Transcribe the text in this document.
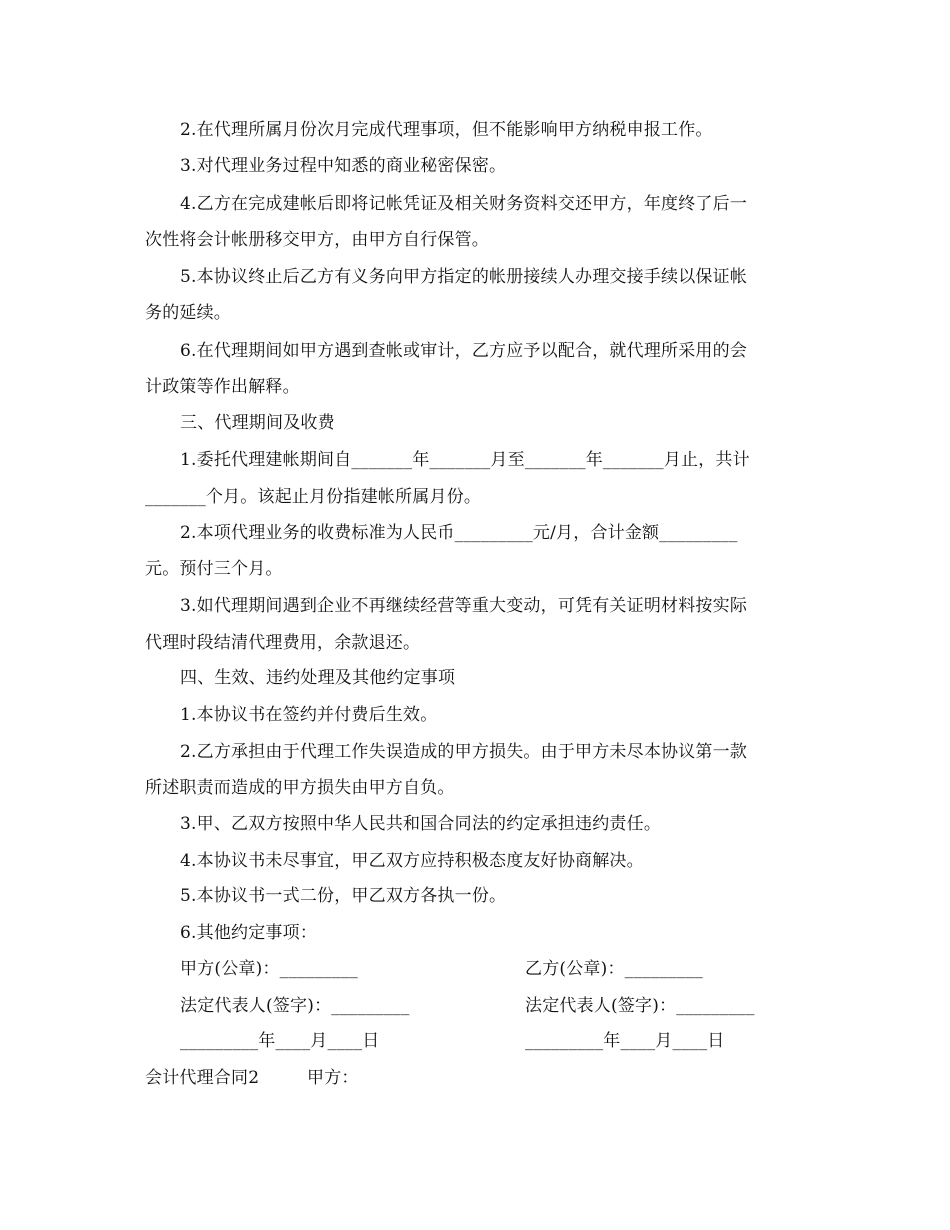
2.在代理所属月份次月完成代理事项，但不能影响甲方纳税申报工作。
3.对代理业务过程中知悉的商业秘密保密。
4.乙方在完成建帐后即将记帐凭证及相关财务资料交还甲方，年度终了后一
次性将会计帐册移交甲方，由甲方自行保管。
5.本协议终止后乙方有义务向甲方指定的帐册接续人办理交接手续以保证帐
务的延续。
6.在代理期间如甲方遇到查帐或审计，乙方应予以配合，就代理所采用的会
计政策等作出解释。
三、代理期间及收费
1.委托代理建帐期间自_______年_______月至_______年_______月止，共计
_______个月。该起止月份指建帐所属月份。
2.本项代理业务的收费标准为人民币_________元/月，合计金额_________
元。预付三个月。
3.如代理期间遇到企业不再继续经营等重大变动，可凭有关证明材料按实际
代理时段结清代理费用，余款退还。
四、生效、违约处理及其他约定事项
1.本协议书在签约并付费后生效。
2.乙方承担由于代理工作失误造成的甲方损失。由于甲方未尽本协议第一款
所述职责而造成的甲方损失由甲方自负。
3.甲、乙双方按照中华人民共和国合同法的约定承担违约责任。
4.本协议书未尽事宜，甲乙双方应持积极态度友好协商解决。
5.本协议书一式二份，甲乙双方各执一份。
6.其他约定事项：
甲方(公章)：_________	乙方(公章)：_________
法定代表人(签字)：_________	法定代表人(签字)：_________
_________年____月____日	_________年____月____日
会计代理合同2	甲方：
